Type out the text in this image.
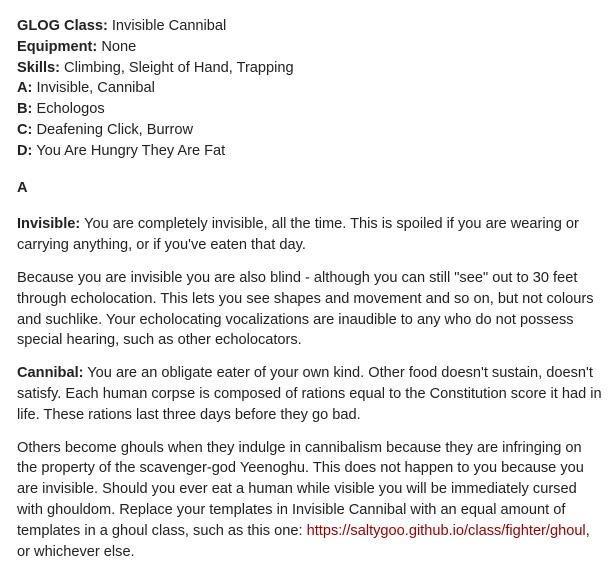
GLOG Class: Invisible Cannibal
Equipment: None
Skills: Climbing, Sleight of Hand, Trapping
A: Invisible, Cannibal
B: Echologos
C: Deafening Click, Burrow
D: You Are Hungry They Are Fat
A
Invisible: You are completely invisible, all the time. This is spoiled if you are wearing or carrying anything, or if you've eaten that day.
Because you are invisible you are also blind - although you can still "see" out to 30 feet through echolocation. This lets you see shapes and movement and so on, but not colours and suchlike. Your echolocating vocalizations are inaudible to any who do not possess special hearing, such as other echolocators.
Cannibal: You are an obligate eater of your own kind. Other food doesn't sustain, doesn't satisfy. Each human corpse is composed of rations equal to the Constitution score it had in life. These rations last three days before they go bad.
Others become ghouls when they indulge in cannibalism because they are infringing on the property of the scavenger-god Yeenoghu. This does not happen to you because you are invisible. Should you ever eat a human while visible you will be immediately cursed with ghouldom. Replace your templates in Invisible Cannibal with an equal amount of templates in a ghoul class, such as this one: https://saltygoo.github.io/class/fighter/ghoul, or whichever else.
